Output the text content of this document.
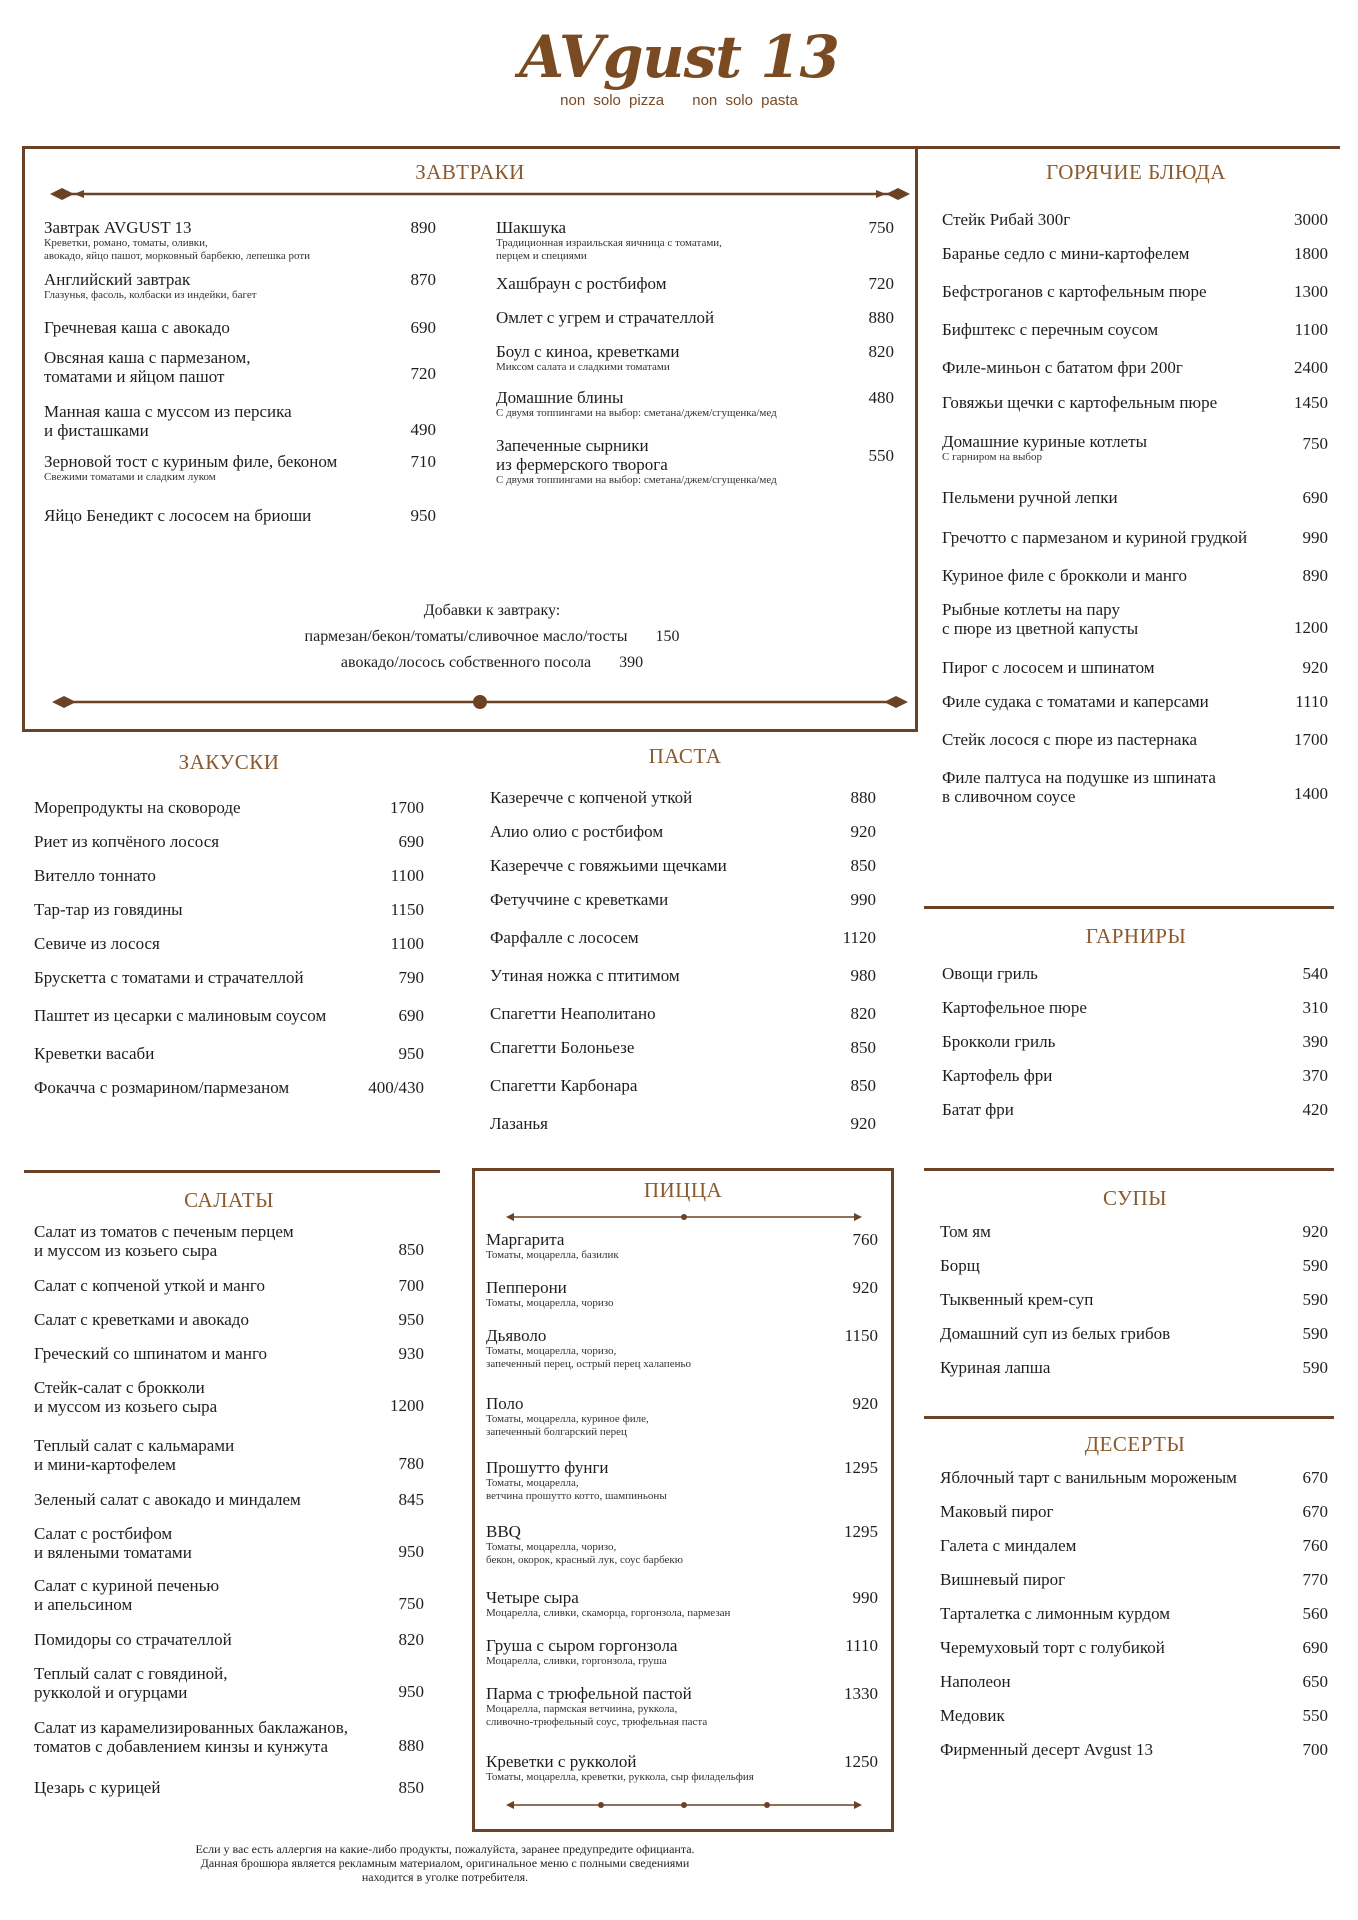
AVgust 13
non solo pizza non solo pasta
ЗАВТРАКИ
Завтрак AVGUST 13
Креветки, романо, томаты, оливки,
авокадо, яйцо пашот, морковный барбекю, лепешка роти
890
Английский завтрак
Глазунья, фасоль, колбаски из индейки, багет
870
Гречневая каша с авокадо	690
Овсяная каша с пармезаном,
томатами и яйцом пашот	720
Манная каша с муссом из персика
и фисташками	490
Зерновой тост с куриным филе, беконом
Свежими томатами и сладким луком
710
Яйцо Бенедикт с лососем на бриоши	950
Шакшука
Традиционная израильская яичница с томатами,
перцем и специями
750
Хашбраун с ростбифом	720
Омлет с угрем и страчателлой	880
Боул с киноа, креветками
Миксом салата и сладкими томатами
820
Домашние блины
С двумя топпингами на выбор: сметана/джем/сгущенка/мед
480
Запеченные сырники
из фермерского творога
С двумя топпингами на выбор: сметана/джем/сгущенка/мед
550
Добавки к завтраку:
пармезан/бекон/томаты/сливочное масло/тосты 150
авокадо/лосось собственного посола 390
ГОРЯЧИЕ БЛЮДА
Стейк Рибай 300г	3000
Баранье седло с мини-картофелем	1800
Бефстроганов с картофельным пюре	1300
Бифштекс с перечным соусом	1100
Филе-миньон с бататом фри 200г	2400
Говяжьи щечки с картофельным пюре	1450
Домашние куриные котлеты
С гарниром на выбор
750
Пельмени ручной лепки	690
Гречотто с пармезаном и куриной грудкой	990
Куриное филе с брокколи и манго	890
Рыбные котлеты на пару
с пюре из цветной капусты	1200
Пирог с лососем и шпинатом	920
Филе судака с томатами и каперсами	1110
Стейк лосося с пюре из пастернака	1700
Филе палтуса на подушке из шпината
в сливочном соусе	1400
ЗАКУСКИ
Морепродукты на сковороде	1700
Риет из копчёного лосося	690
Вителло тоннато	1100
Тар-тар из говядины	1150
Севиче из лосося	1100
Брускетта с томатами и страчателлой	790
Паштет из цесарки с малиновым соусом	690
Креветки васаби	950
Фокачча с розмарином/пармезаном	400/430
ПАСТА
Казеречче с копченой уткой	880
Алио олио с ростбифом	920
Казеречче с говяжьими щечками	850
Фетуччине с креветками	990
Фарфалле с лососем	1120
Утиная ножка с птитимом	980
Спагетти Неаполитано	820
Спагетти Болоньезе	850
Спагетти Карбонара	850
Лазанья	920
ГАРНИРЫ
Овощи гриль	540
Картофельное пюре	310
Брокколи гриль	390
Картофель фри	370
Батат фри	420
САЛАТЫ
Салат из томатов с печеным перцем
и муссом из козьего сыра	850
Салат с копченой уткой и манго	700
Салат с креветками и авокадо	950
Греческий со шпинатом и манго	930
Стейк-салат с брокколи
и муссом из козьего сыра	1200
Теплый салат с кальмарами
и мини-картофелем	780
Зеленый салат с авокадо и миндалем	845
Салат с ростбифом
и вялеными томатами	950
Салат с куриной печенью
и апельсином	750
Помидоры со страчателлой	820
Теплый салат с говядиной,
рукколой и огурцами	950
Салат из карамелизированных баклажанов,
томатов с добавлением кинзы и кунжута	880
Цезарь с курицей	850
ПИЦЦА
Маргарита
Томаты, моцарелла, базилик
760
Пепперони
Томаты, моцарелла, чоризо
920
Дьяволо
Томаты, моцарелла, чоризо,
запеченный перец, острый перец халапеньо
1150
Поло
Томаты, моцарелла, куриное филе,
запеченный болгарский перец
920
Прошутто фунги
Томаты, моцарелла,
ветчина прошутто котто, шампиньоны
1295
BBQ
Томаты, моцарелла, чоризо,
бекон, окорок, красный лук, соус барбекю
1295
Четыре сыра
Моцарелла, сливки, скаморца, горгонзола, пармезан
990
Груша с сыром горгонзола
Моцарелла, сливки, горгонзола, груша
1110
Парма с трюфельной пастой
Моцарелла, пармская ветчиина, руккола,
сливочно-трюфельный соус, трюфельная паста
1330
Креветки с рукколой
Томаты, моцарелла, креветки, руккола, сыр филадельфия
1250
СУПЫ
Том ям	920
Борщ	590
Тыквенный крем-суп	590
Домашний суп из белых грибов	590
Куриная лапша	590
ДЕСЕРТЫ
Яблочный тарт с ванильным мороженым	670
Маковый пирог	670
Галета с миндалем	760
Вишневый пирог	770
Тарталетка с лимонным курдом	560
Черемуховый торт с голубикой	690
Наполеон	650
Медовик	550
Фирменный десерт Avgust 13	700
Если у вас есть аллергия на какие-либо продукты, пожалуйста, заранее предупредите официанта.
Данная брошюра является рекламным материалом, оригинальное меню с полными сведениями
находится в уголке потребителя.
